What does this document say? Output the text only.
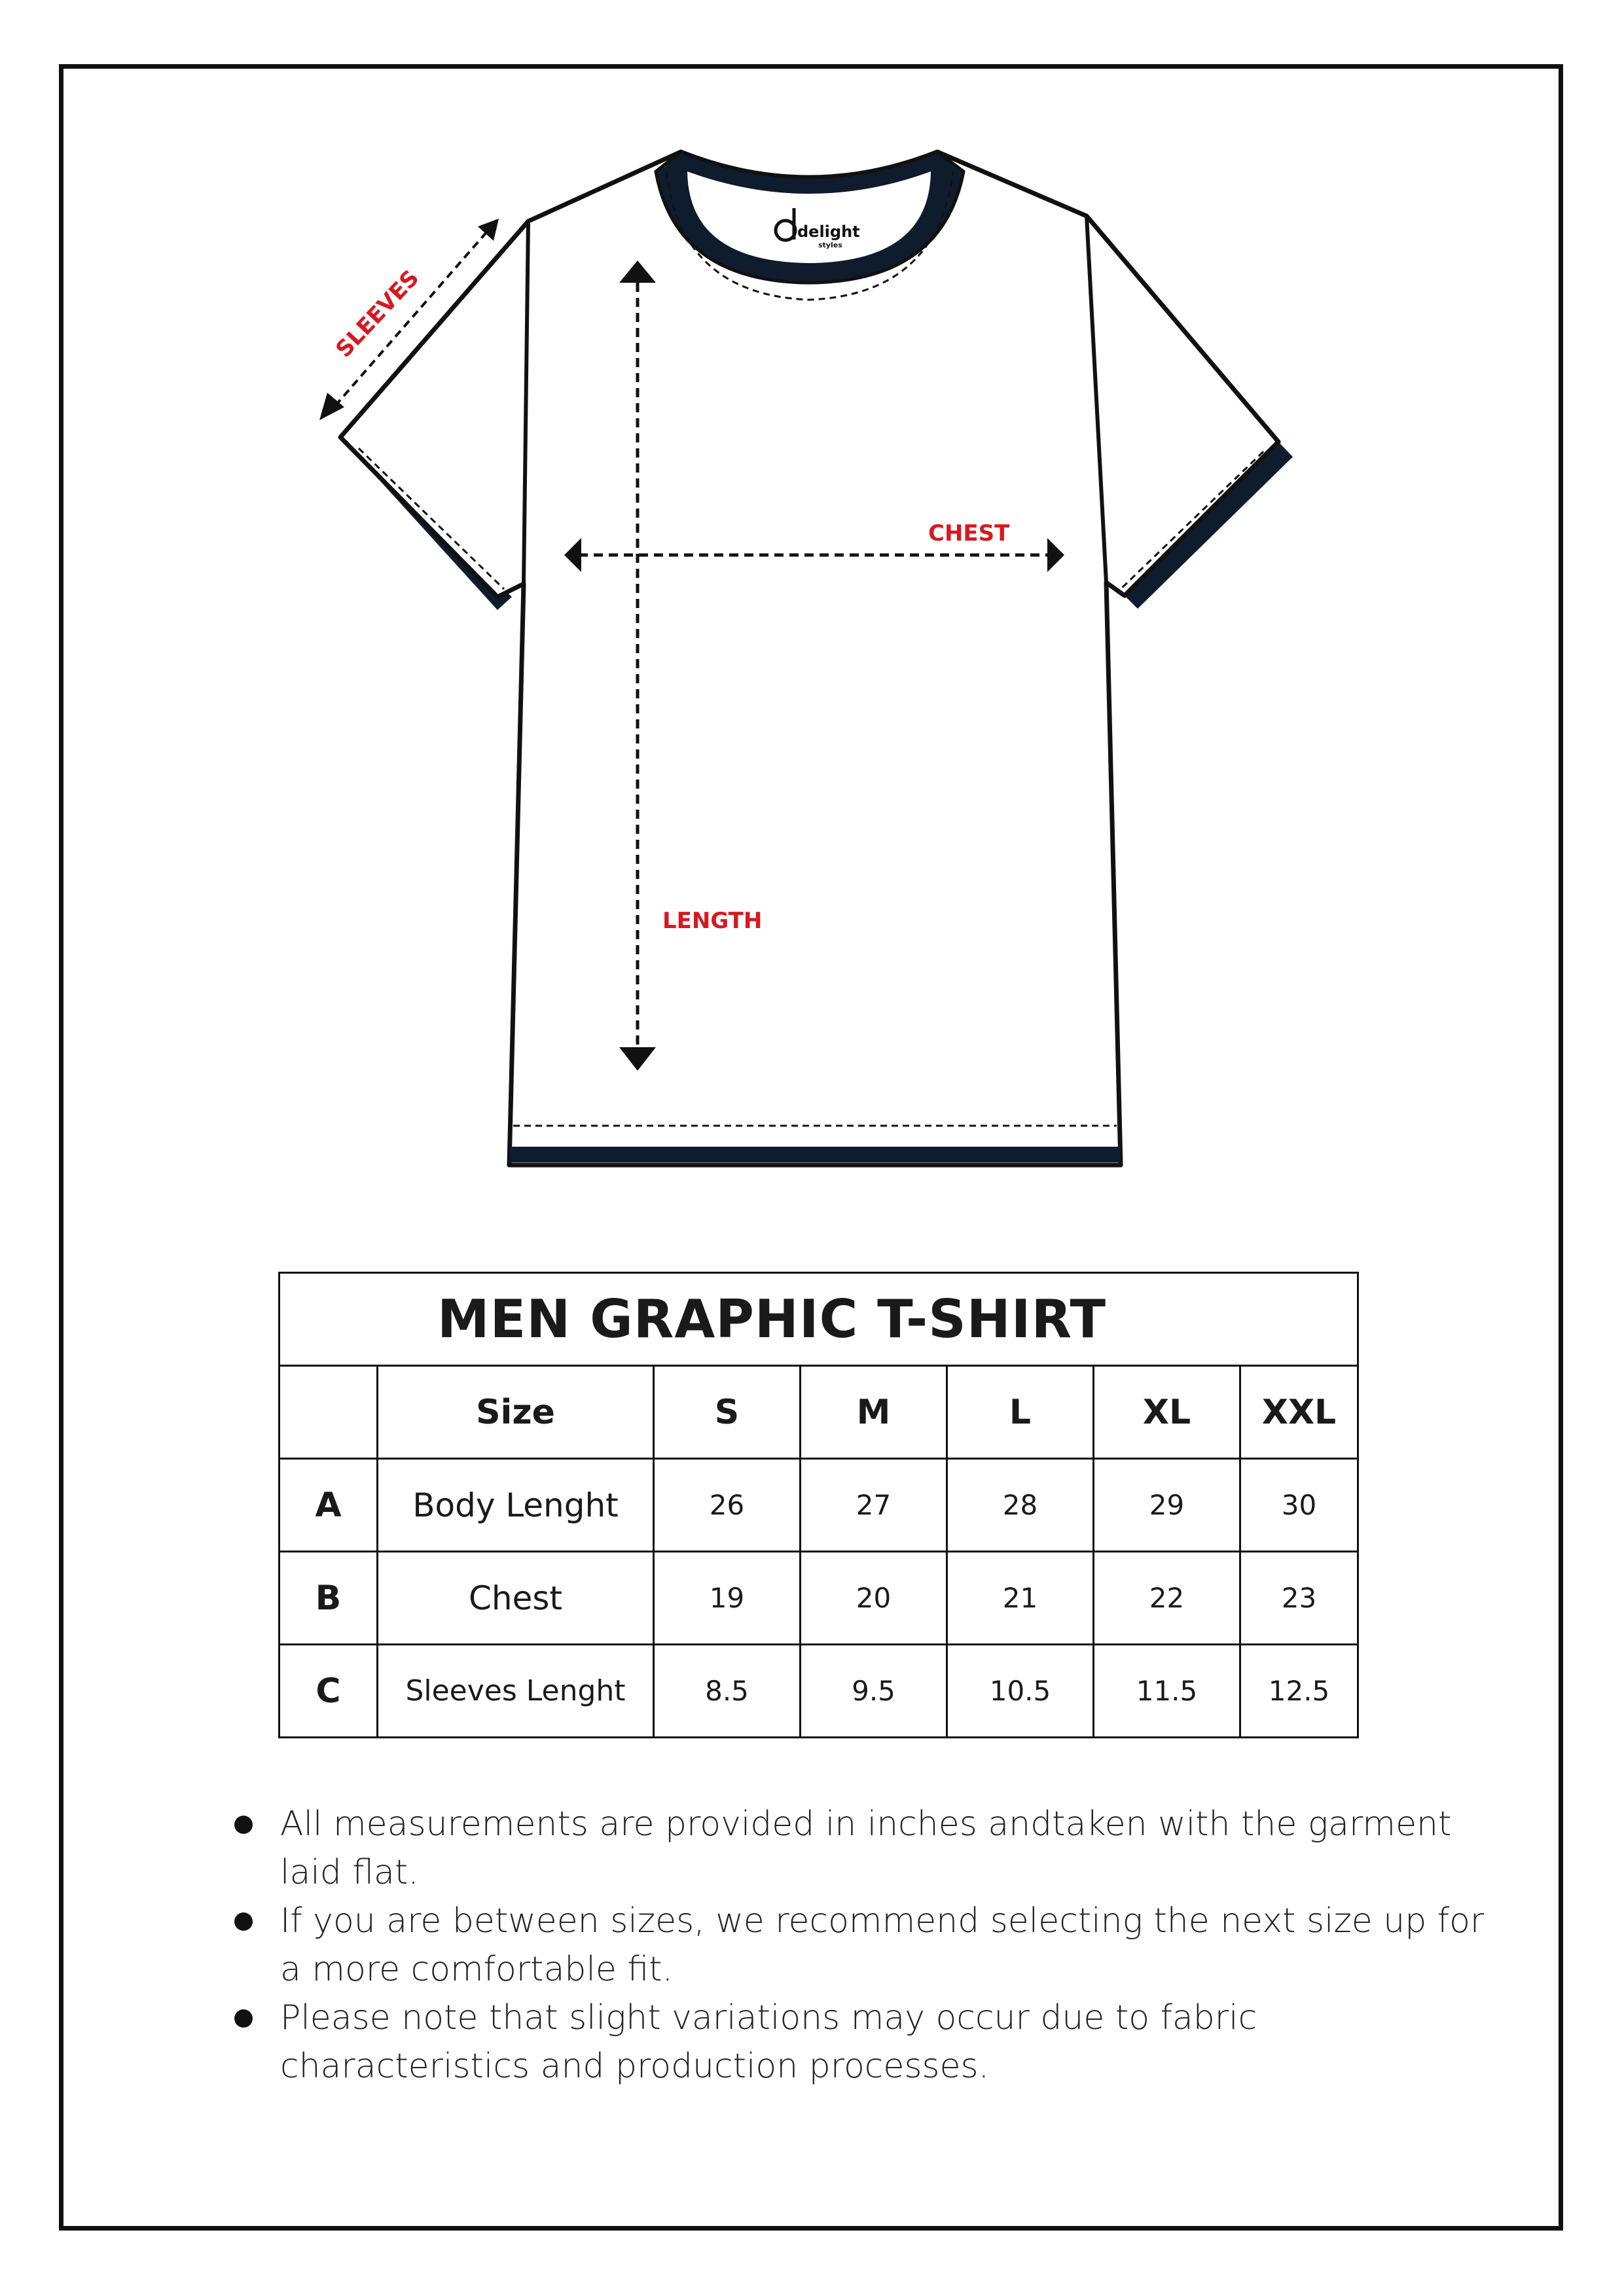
delight
styles
LENGTH
CHEST
SLEEVES
MEN GRAPHIC T-SHIRT						
	Size	S	M	L	XL	XXL
A	Body Lenght	26	27	28	29	30
B	Chest	19	20	21	22	23
C	Sleeves Lenght	8.5	9.5	10.5	11.5	12.5
All measurements are provided in inches andtaken with the garment laid flat.
If you are between sizes, we recommend selecting the next size up for a more comfortable fit.
Please note that slight variations may occur due to fabric characteristics and production processes.
